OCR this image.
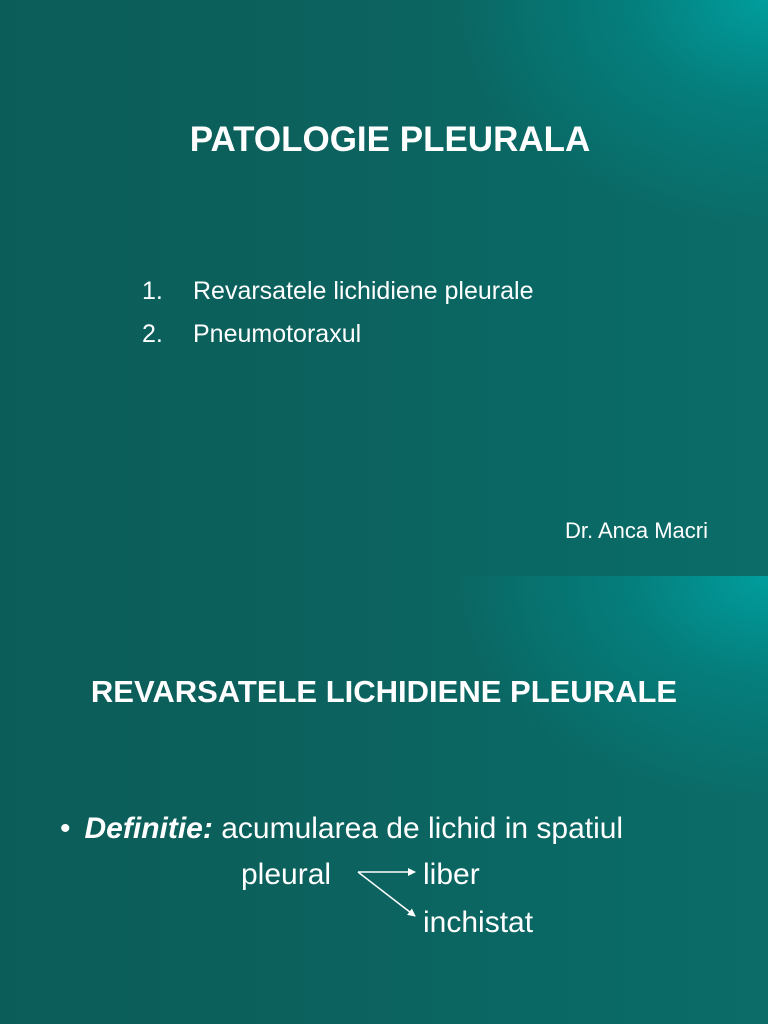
PATOLOGIE PLEURALA
1.	Revarsatele lichidiene pleurale
2.	Pneumotoraxul
Dr. Anca Macri
REVARSATELE LICHIDIENE PLEURALE
• Definitie: acumularea de lichid in spatiul
pleural	liber
inchistat
